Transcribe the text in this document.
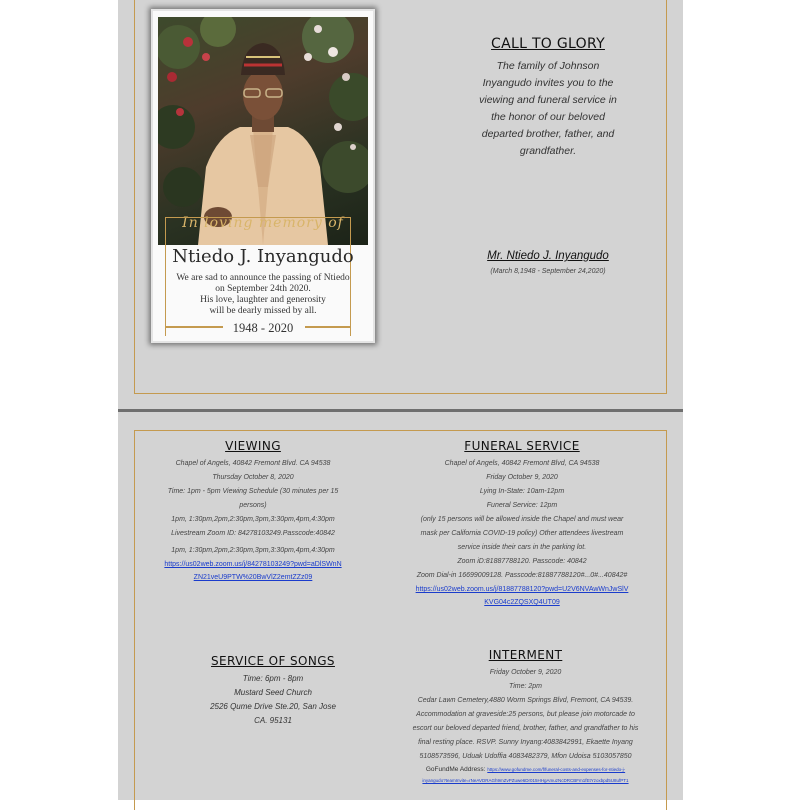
In loving memory of
Ntiedo J. Inyangudo
We are sad to announce the passing of Ntiedo
on September 24th 2020.
His love, laughter and generosity
will be dearly missed by all.
1948 - 2020
CALL TO GLORY
The family of Johnson
Inyangudo invites you to the
viewing and funeral service in
the honor of our beloved
departed brother, father, and
grandfather.
Mr. Ntiedo J. Inyangudo
(March 8,1948 - September 24,2020)
VIEWING
Chapel of Angels, 40842 Fremont Blvd. CA 94538
Thursday October 8, 2020
Time: 1pm - 5pm Viewing Schedule (30 minutes per 15
persons)
1pm, 1:30pm,2pm,2:30pm,3pm,3:30pm,4pm,4:30pm
Livestream Zoom ID: 84278103249.Passcode:40842
1pm, 1:30pm,2pm,2:30pm,3pm,3:30pm,4pm,4:30pm
https://us02web.zoom.us/j/84278103249?pwd=aDlSWnN
ZN21veU9PTW%20BwVlZ2emtZZz09
FUNERAL SERVICE
Chapel of Angels, 40842 Fremont Blvd, CA 94538
Friday October 9, 2020
Lying In-State: 10am-12pm
Funeral Service: 12pm
(only 15 persons will be allowed inside the Chapel and must wear
mask per California COVID-19 policy) Other attendees livestream
service inside their cars in the parking lot.
Zoom iD:81887788120. Passcode: 40842
Zoom Dial-in 16699009128. Passcode:81887788120#...0#...40842#
https://us02web.zoom.us/j/81887788120?pwd=U2V6NVAwWnJwSlV
KVG04c2ZQSXQ4UT09
SERVICE OF SONGS
Time: 6pm - 8pm
Mustard Seed Church
2526 Qume Drive Ste.20, San Jose
CA. 95131
INTERMENT
Friday October 9, 2020
Time: 2pm
Cedar Lawn Cemetery,4880 Worm Springs Blvd, Fremont, CA 94539.
Accommodation at graveside:25 persons, but please join motorcade to
escort our beloved departed friend, brother, father, and grandfather to his
final resting place. RSVP. Sunny Inyang:4083842991, Ekaette Inyang
5108573596, Uduak Udoffia 4083482379, Mfon Udoisa 5103057850
GoFundMe Address: https://www.gofundme.com/f/funeral-costs-and-expenses-for-ntiedo-j-
inyangudo?teamInvite=rNeAVDRAGh9mZvPZuwe6Dr015HHgAmuzNcDRCBFm1fEtYzoxbpd5U8ufPT1
